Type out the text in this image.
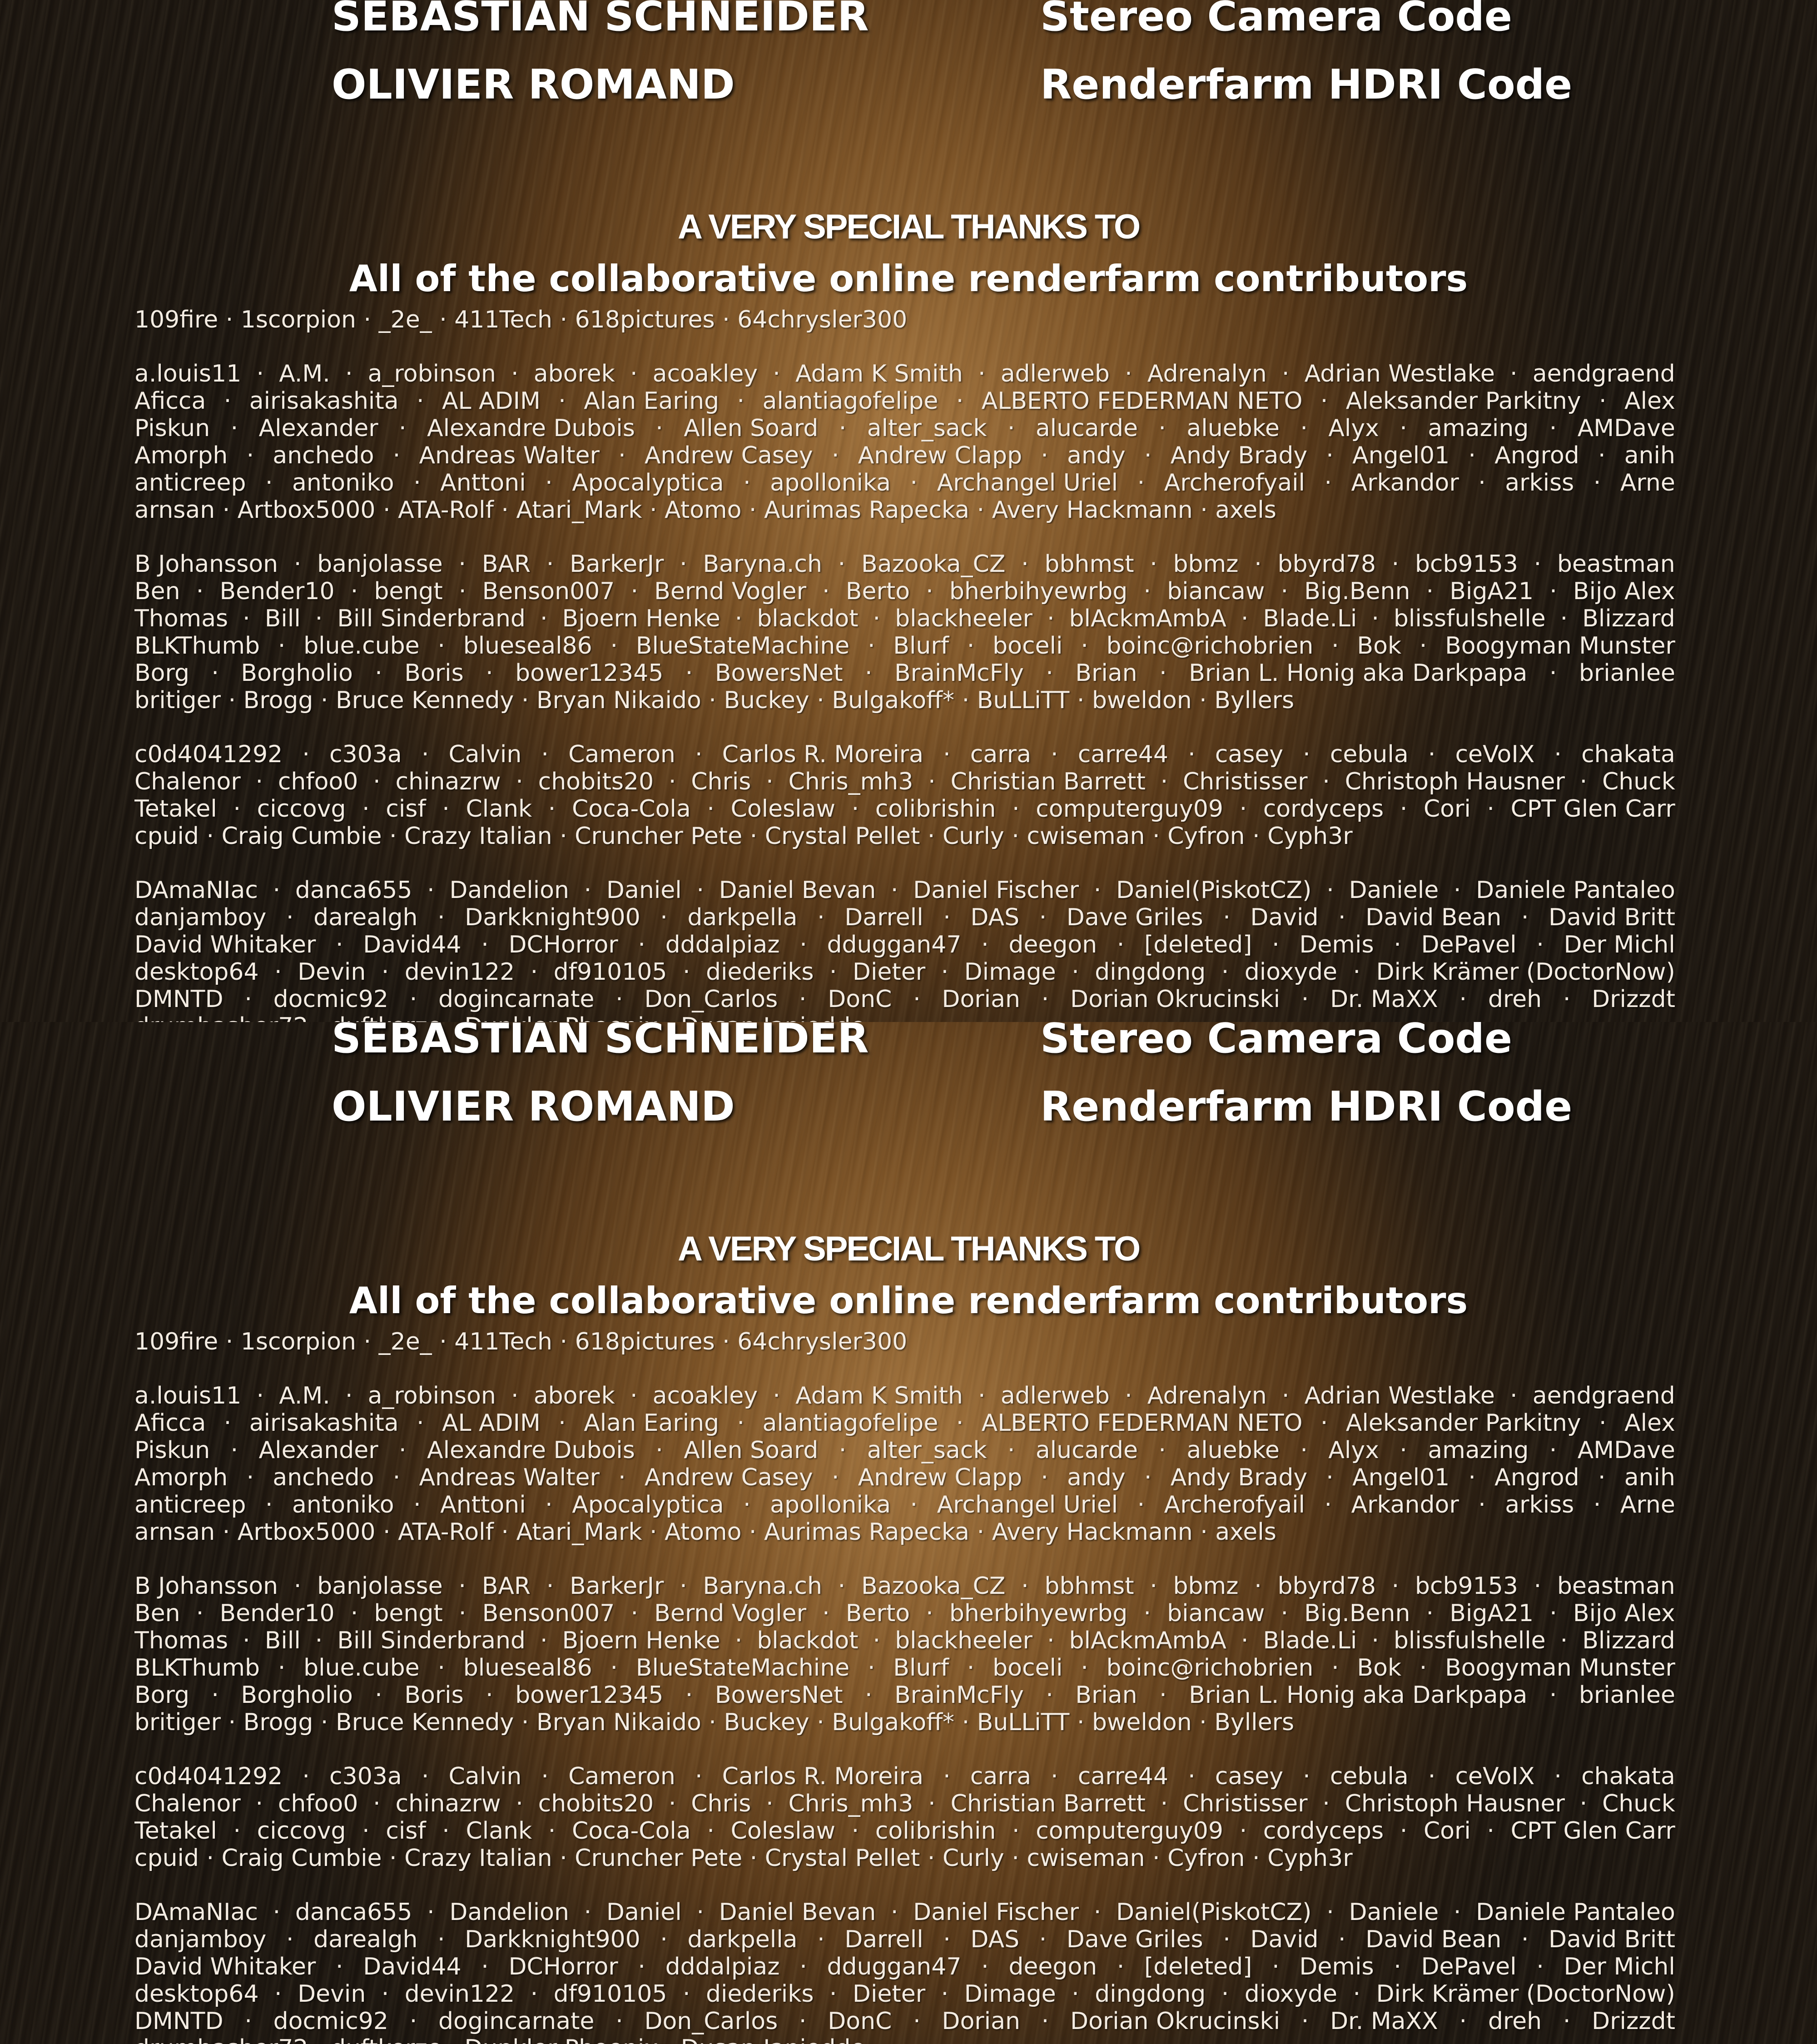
SEBASTIAN SCHNEIDER	Stereo Camera Code
OLIVIER ROMAND	Renderfarm HDRI Code
A VERY SPECIAL THANKS TO
All of the collaborative online renderfarm contributors
109fire · 1scorpion · _2e_ · 411Tech · 618pictures · 64chrysler300
a.louis11 · A.M. · a_robinson · aborek · acoakley · Adam K Smith · adlerweb · Adrenalyn · Adrian Westlake · aendgraend
Aficca · airisakashita · AL ADIM · Alan Earing · alantiagofelipe · ALBERTO FEDERMAN NETO · Aleksander Parkitny · Alex
Piskun · Alexander · Alexandre Dubois · Allen Soard · alter_sack · alucarde · aluebke · Alyx · amazing · AMDave
Amorph · anchedo · Andreas Walter · Andrew Casey · Andrew Clapp · andy · Andy Brady · Angel01 · Angrod · anih
anticreep · antoniko · Anttoni · Apocalyptica · apollonika · Archangel Uriel · Archerofyail · Arkandor · arkiss · Arne
arnsan · Artbox5000 · ATA-Rolf · Atari_Mark · Atomo · Aurimas Rapecka · Avery Hackmann · axels
B Johansson · banjolasse · BAR · BarkerJr · Baryna.ch · Bazooka_CZ · bbhmst · bbmz · bbyrd78 · bcb9153 · beastman
Ben · Bender10 · bengt · Benson007 · Bernd Vogler · Berto · bherbihyewrbg · biancaw · Big.Benn · BigA21 · Bijo Alex
Thomas · Bill · Bill Sinderbrand · Bjoern Henke · blackdot · blackheeler · blAckmAmbA · Blade.Li · blissfulshelle · Blizzard
BLKThumb · blue.cube · blueseal86 · BlueStateMachine · Blurf · boceli · boinc@richobrien · Bok · Boogyman Munster
Borg · Borgholio · Boris · bower12345 · BowersNet · BrainMcFly · Brian · Brian L. Honig aka Darkpapa · brianlee
britiger · Brogg · Bruce Kennedy · Bryan Nikaido · Buckey · Bulgakoff* · BuLLiTT · bweldon · Byllers
c0d4041292 · c303a · Calvin · Cameron · Carlos R. Moreira · carra · carre44 · casey · cebula · ceVoIX · chakata
Chalenor · chfoo0 · chinazrw · chobits20 · Chris · Chris_mh3 · Christian Barrett · Christisser · Christoph Hausner · Chuck
Tetakel · ciccovg · cisf · Clank · Coca-Cola · Coleslaw · colibrishin · computerguy09 · cordyceps · Cori · CPT Glen Carr
cpuid · Craig Cumbie · Crazy Italian · Cruncher Pete · Crystal Pellet · Curly · cwiseman · Cyfron · Cyph3r
DAmaNIac · danca655 · Dandelion · Daniel · Daniel Bevan · Daniel Fischer · Daniel(PiskotCZ) · Daniele · Daniele Pantaleo
danjamboy · darealgh · Darkknight900 · darkpella · Darrell · DAS · Dave Griles · David · David Bean · David Britt
David Whitaker · David44 · DCHorror · dddalpiaz · dduggan47 · deegon · [deleted] · Demis · DePavel · Der Michl
desktop64 · Devin · devin122 · df910105 · diederiks · Dieter · Dimage · dingdong · dioxyde · Dirk Krämer (DoctorNow)
DMNTD · docmic92 · dogincarnate · Don_Carlos · DonC · Dorian · Dorian Okrucinski · Dr. MaXX · dreh · Drizzdt
SEBASTIAN SCHNEIDER	Stereo Camera Code
OLIVIER ROMAND	Renderfarm HDRI Code
A VERY SPECIAL THANKS TO
All of the collaborative online renderfarm contributors
109fire · 1scorpion · _2e_ · 411Tech · 618pictures · 64chrysler300
a.louis11 · A.M. · a_robinson · aborek · acoakley · Adam K Smith · adlerweb · Adrenalyn · Adrian Westlake · aendgraend
Aficca · airisakashita · AL ADIM · Alan Earing · alantiagofelipe · ALBERTO FEDERMAN NETO · Aleksander Parkitny · Alex
Piskun · Alexander · Alexandre Dubois · Allen Soard · alter_sack · alucarde · aluebke · Alyx · amazing · AMDave
Amorph · anchedo · Andreas Walter · Andrew Casey · Andrew Clapp · andy · Andy Brady · Angel01 · Angrod · anih
anticreep · antoniko · Anttoni · Apocalyptica · apollonika · Archangel Uriel · Archerofyail · Arkandor · arkiss · Arne
arnsan · Artbox5000 · ATA-Rolf · Atari_Mark · Atomo · Aurimas Rapecka · Avery Hackmann · axels
B Johansson · banjolasse · BAR · BarkerJr · Baryna.ch · Bazooka_CZ · bbhmst · bbmz · bbyrd78 · bcb9153 · beastman
Ben · Bender10 · bengt · Benson007 · Bernd Vogler · Berto · bherbihyewrbg · biancaw · Big.Benn · BigA21 · Bijo Alex
Thomas · Bill · Bill Sinderbrand · Bjoern Henke · blackdot · blackheeler · blAckmAmbA · Blade.Li · blissfulshelle · Blizzard
BLKThumb · blue.cube · blueseal86 · BlueStateMachine · Blurf · boceli · boinc@richobrien · Bok · Boogyman Munster
Borg · Borgholio · Boris · bower12345 · BowersNet · BrainMcFly · Brian · Brian L. Honig aka Darkpapa · brianlee
britiger · Brogg · Bruce Kennedy · Bryan Nikaido · Buckey · Bulgakoff* · BuLLiTT · bweldon · Byllers
c0d4041292 · c303a · Calvin · Cameron · Carlos R. Moreira · carra · carre44 · casey · cebula · ceVoIX · chakata
Chalenor · chfoo0 · chinazrw · chobits20 · Chris · Chris_mh3 · Christian Barrett · Christisser · Christoph Hausner · Chuck
Tetakel · ciccovg · cisf · Clank · Coca-Cola · Coleslaw · colibrishin · computerguy09 · cordyceps · Cori · CPT Glen Carr
cpuid · Craig Cumbie · Crazy Italian · Cruncher Pete · Crystal Pellet · Curly · cwiseman · Cyfron · Cyph3r
DAmaNIac · danca655 · Dandelion · Daniel · Daniel Bevan · Daniel Fischer · Daniel(PiskotCZ) · Daniele · Daniele Pantaleo
danjamboy · darealgh · Darkknight900 · darkpella · Darrell · DAS · Dave Griles · David · David Bean · David Britt
David Whitaker · David44 · DCHorror · dddalpiaz · dduggan47 · deegon · [deleted] · Demis · DePavel · Der Michl
desktop64 · Devin · devin122 · df910105 · diederiks · Dieter · Dimage · dingdong · dioxyde · Dirk Krämer (DoctorNow)
DMNTD · docmic92 · dogincarnate · Don_Carlos · DonC · Dorian · Dorian Okrucinski · Dr. MaXX · dreh · Drizzdt
